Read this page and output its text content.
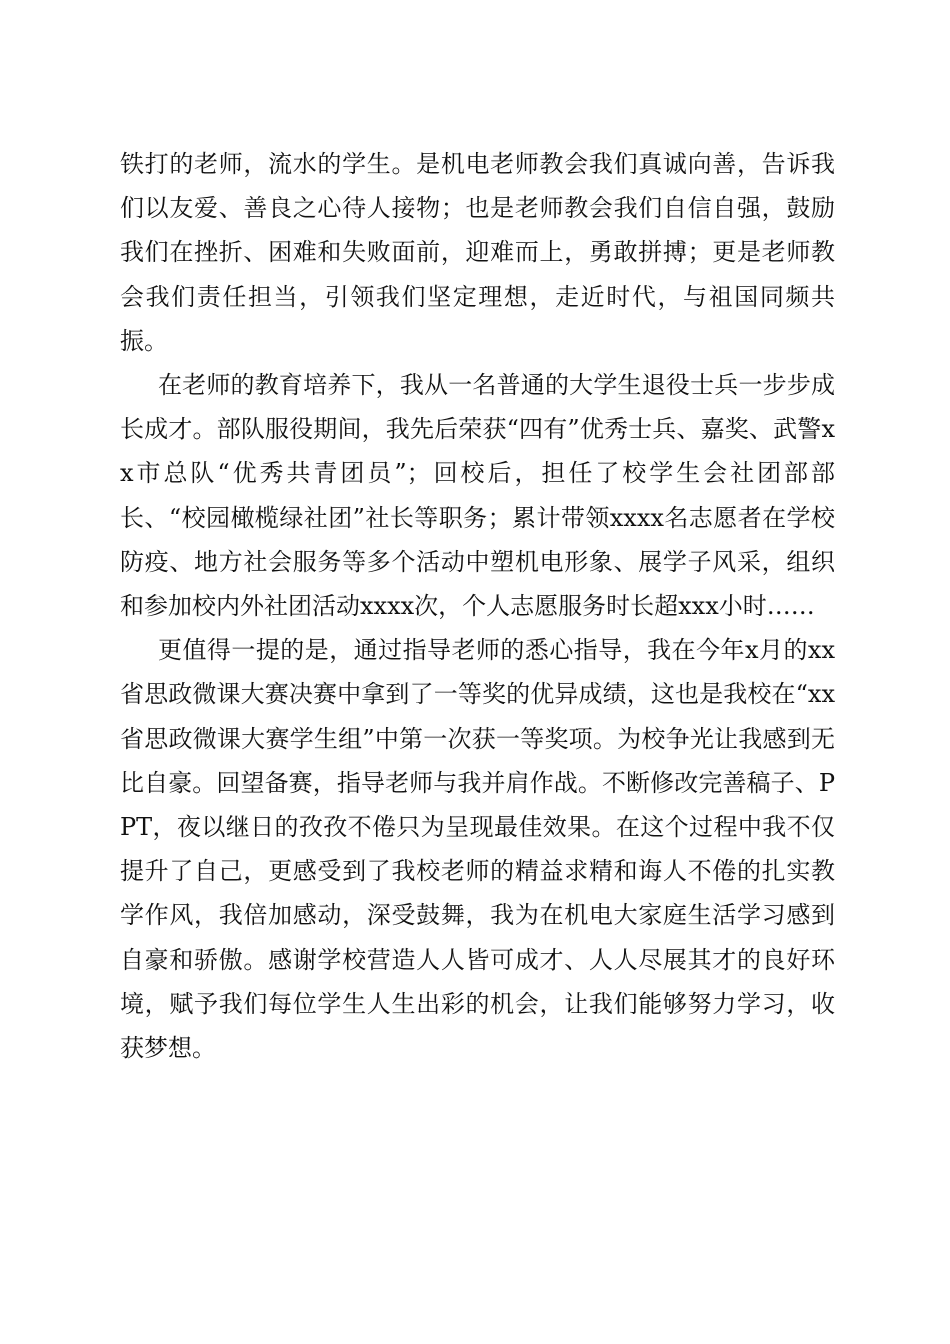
铁打的老师，流水的学生。是机电老师教会我们真诚向善，告诉我们以友爱、善良之心待人接物；也是老师教会我们自信自强，鼓励我们在挫折、困难和失败面前，迎难而上，勇敢拼搏；更是老师教会我们责任担当，引领我们坚定理想，走近时代，与祖国同频共振。

在老师的教育培养下，我从一名普通的大学生退役士兵一步步成长成才。部队服役期间，我先后荣获“四有”优秀士兵、嘉奖、武警xx市总队“优秀共青团员”；回校后，担任了校学生会社团部部长、“校园橄榄绿社团”社长等职务；累计带领xxxx名志愿者在学校防疫、地方社会服务等多个活动中塑机电形象、展学子风采，组织和参加校内外社团活动xxxx次，个人志愿服务时长超xxx小时……

更值得一提的是，通过指导老师的悉心指导，我在今年x月的xx省思政微课大赛决赛中拿到了一等奖的优异成绩，这也是我校在“xx省思政微课大赛学生组”中第一次获一等奖项。为校争光让我感到无比自豪。回望备赛，指导老师与我并肩作战。不断修改完善稿子、PPT，夜以继日的孜孜不倦只为呈现最佳效果。在这个过程中我不仅提升了自己，更感受到了我校老师的精益求精和诲人不倦的扎实教学作风，我倍加感动，深受鼓舞，我为在机电大家庭生活学习感到自豪和骄傲。感谢学校营造人人皆可成才、人人尽展其才的良好环境，赋予我们每位学生人生出彩的机会，让我们能够努力学习，收获梦想。
